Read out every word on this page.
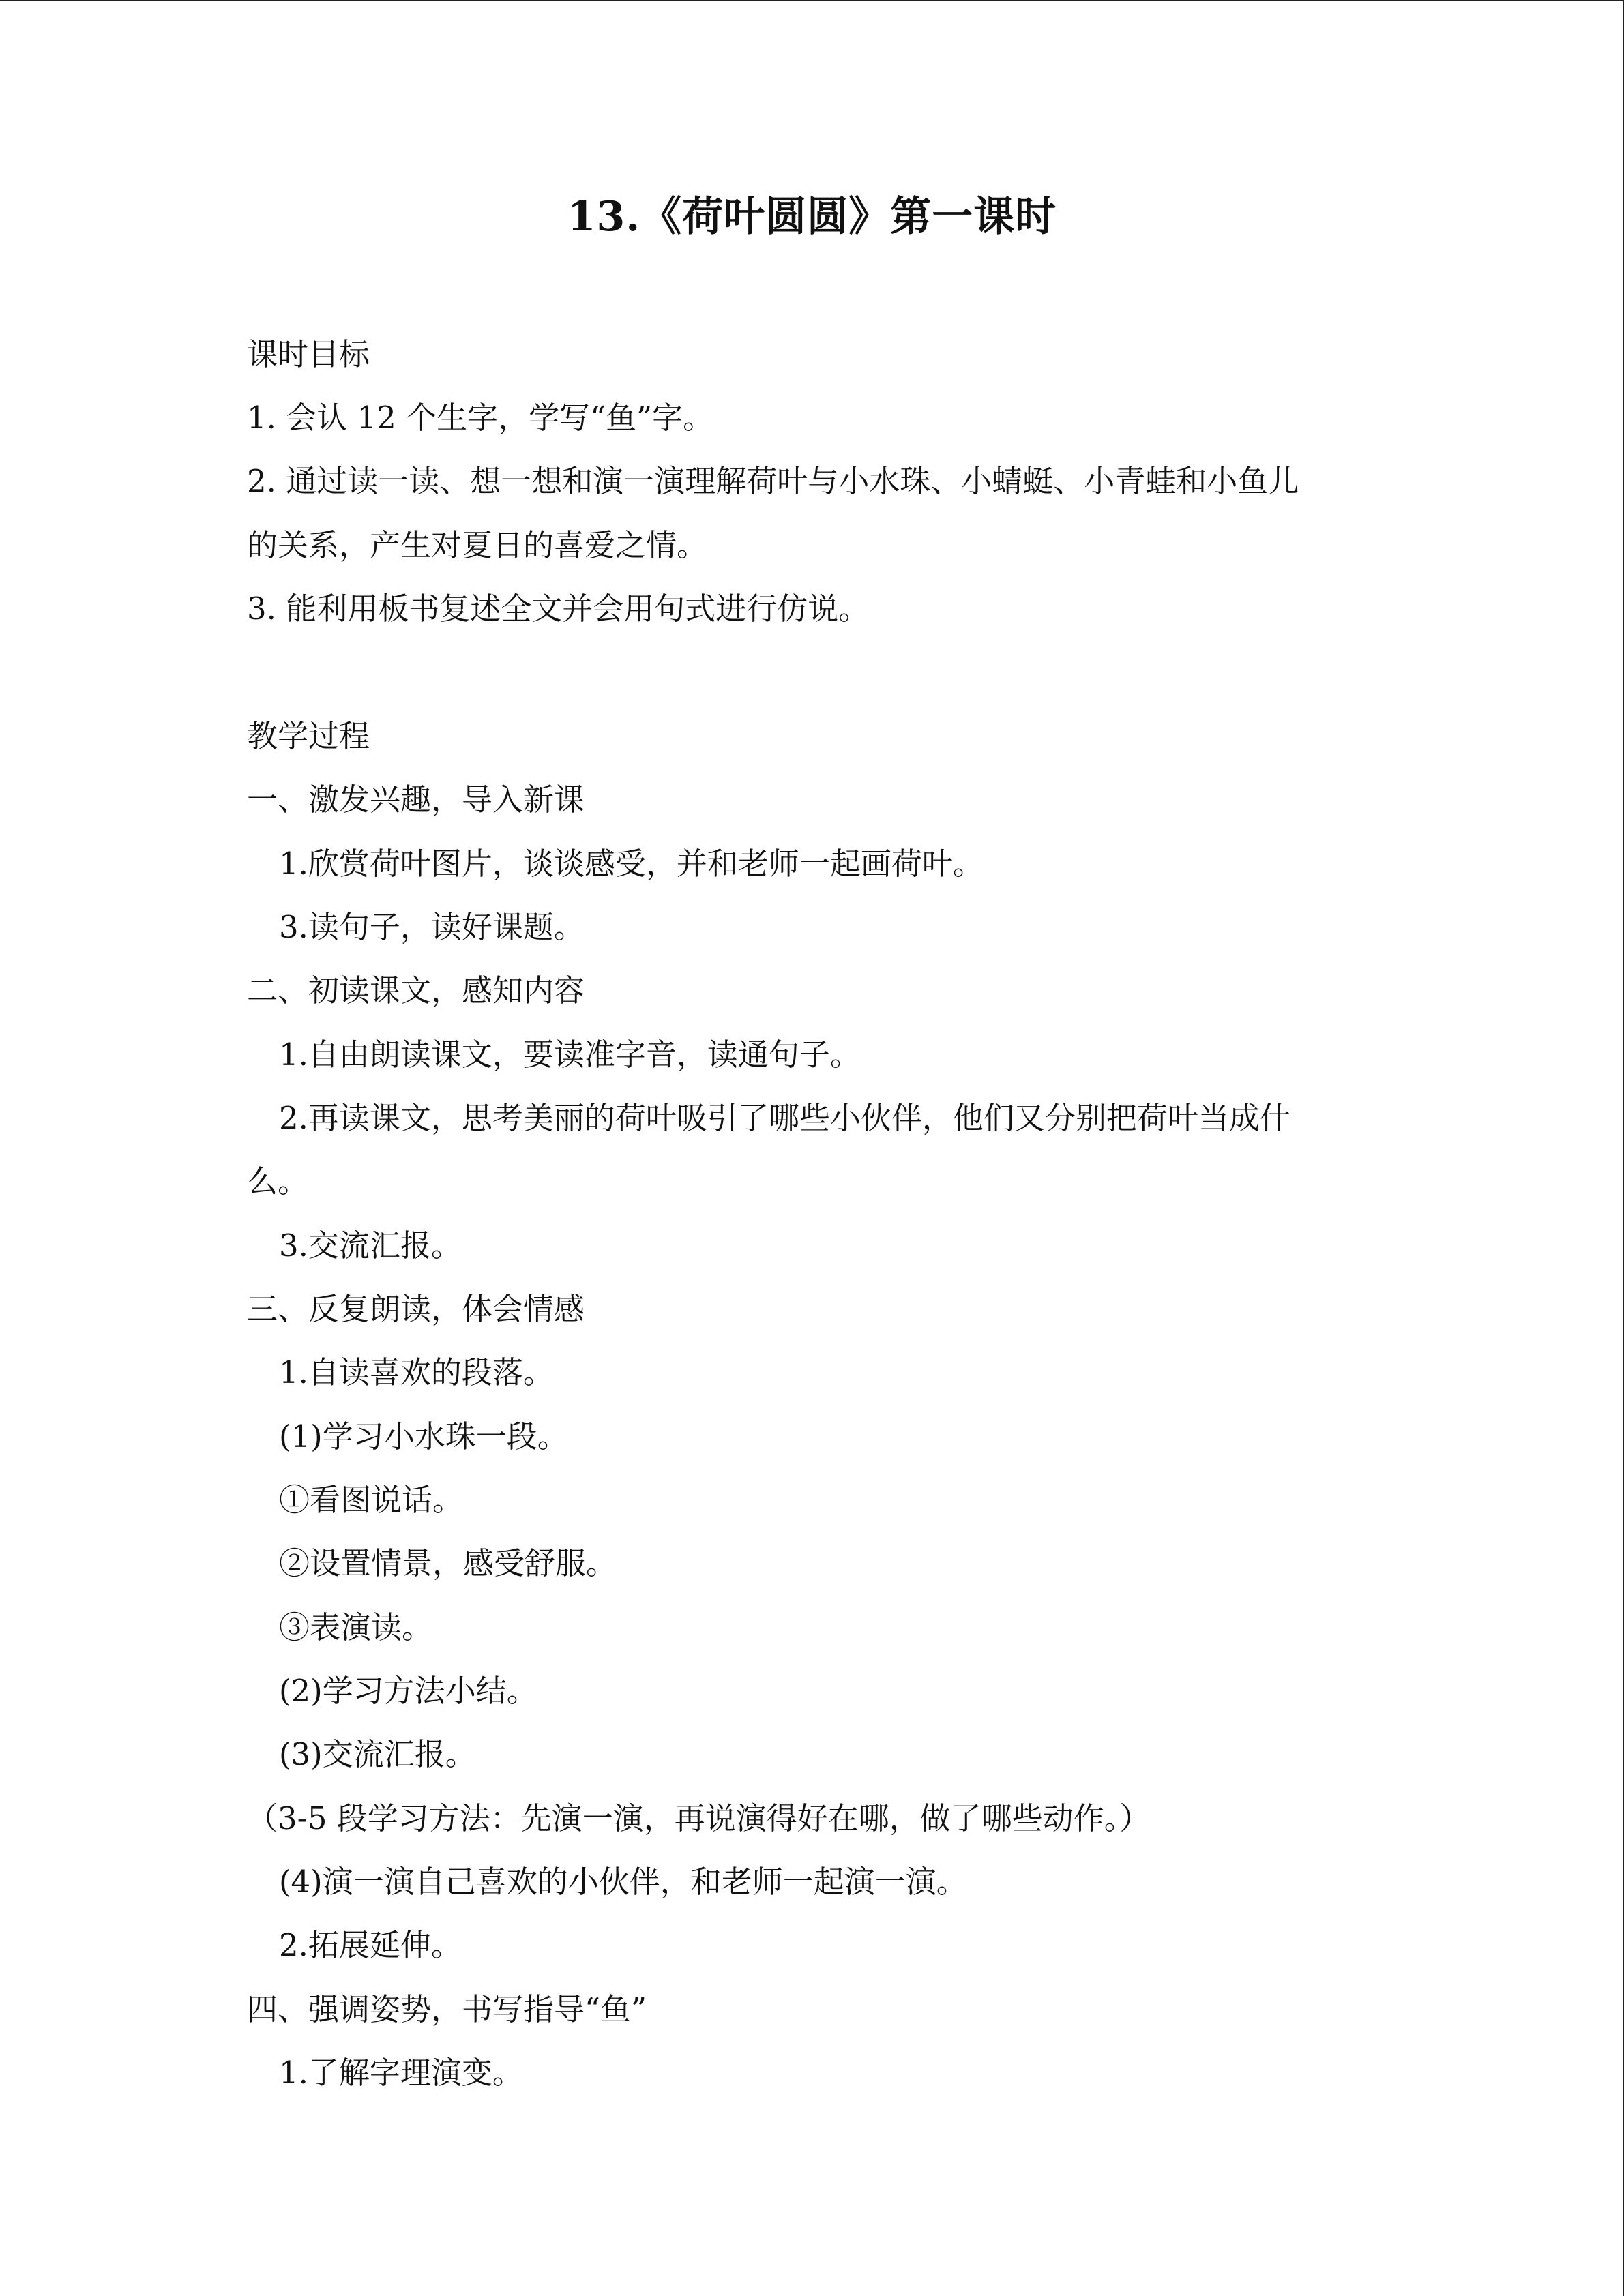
13.《荷叶圆圆》第一课时
课时目标
1. 会认 12 个生字，学写“鱼”字。
2. 通过读一读、想一想和演一演理解荷叶与小水珠、小蜻蜓、小青蛙和小鱼儿
的关系，产生对夏日的喜爱之情。
3. 能利用板书复述全文并会用句式进行仿说。
教学过程
一、激发兴趣，导入新课
1.欣赏荷叶图片，谈谈感受，并和老师一起画荷叶。
3.读句子，读好课题。
二、初读课文，感知内容
1.自由朗读课文，要读准字音，读通句子。
2.再读课文，思考美丽的荷叶吸引了哪些小伙伴，他们又分别把荷叶当成什
么。
3.交流汇报。
三、反复朗读，体会情感
1.自读喜欢的段落。
(1)学习小水珠一段。
①看图说话。
②设置情景，感受舒服。
③表演读。
(2)学习方法小结。
(3)交流汇报。
（3-5 段学习方法：先演一演，再说演得好在哪，做了哪些动作。）
(4)演一演自己喜欢的小伙伴，和老师一起演一演。
2.拓展延伸。
四、强调姿势，书写指导“鱼”
1.了解字理演变。
